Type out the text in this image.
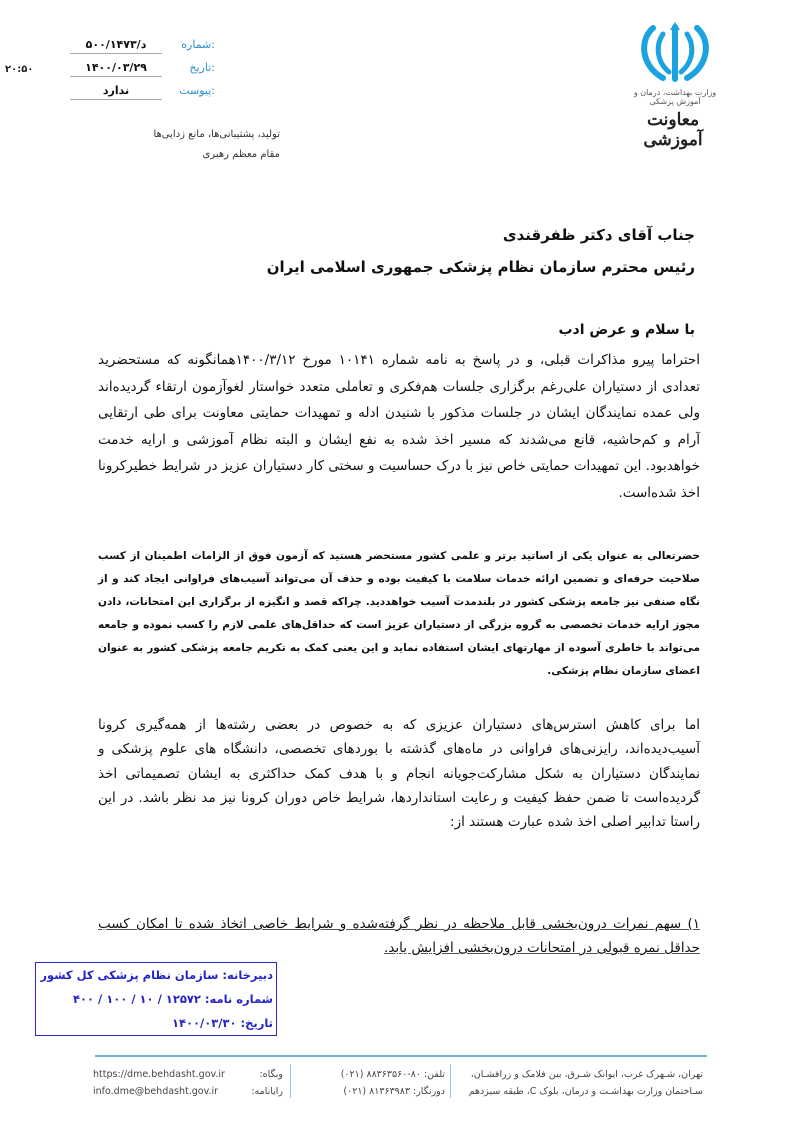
شماره:
د/۵۰۰/۱۴۷۳
تاریخ:
۱۴۰۰/۰۳/۲۹
پیوست:
ندارد
۲۰:۵۰
تولید، پشتیبانی‌ها، مانع زدایی‌ها
مقام معظم رهبری
وزارت بهداشت، درمان و آموزش پزشکی
معاونت آموزشی
جناب آقای دکتر ظفرقندی
رئیس محترم سازمان نظام پزشکی جمهوری اسلامی ایران
با سلام و عرض ادب
احتراما پیرو مذاکرات قبلی، و در پاسخ به نامه شماره ۱۰۱۴۱ مورخ ۱۴۰۰/۳/۱۲همانگونه که مستحضرید تعدادی از دستیاران علی‌رغم برگزاری جلسات هم‌فکری و تعاملی متعدد خواستار لغوآزمون ارتقاء گردیده‌اند ولی عمده نمایندگان ایشان در جلسات مذکور با شنیدن ادله و تمهیدات حمایتی معاونت برای طی ارتقایی آرام و کم‌حاشیه، قانع می‌شدند که مسیر اخذ شده به نفع ایشان و البته نظام آموزشی و ارایه خدمت خواهدبود. این تمهیدات حمایتی خاص نیز با درک حساسیت و سختی کار دستیاران عزیز در شرایط خطیرکرونا اخذ شده‌است.
حضرتعالی به عنوان یکی از اساتید برتر و علمی کشور مستحضر هستید که آزمون فوق از الزامات اطمینان از کسب صلاحیت حرفه‌ای و تضمین ارائه خدمات سلامت با کیفیت بوده و حذف آن می‌تواند آسیب‌های فراوانی ایجاد کند و از نگاه صنفی نیز جامعه پزشکی کشور در بلندمدت آسیب خواهددید. چراکه قصد و انگیزه از برگزاری این امتحانات، دادن مجوز ارایه خدمات تخصصی به گروه بزرگی از دستیاران عزیز است که حداقل‌های علمی لازم را کسب نموده و جامعه می‌تواند با خاطری آسوده از مهارتهای ایشان استفاده نماید و این یعنی کمک به تکریم جامعه پزشکی کشور به عنوان اعضای سازمان نظام پزشکی.
اما برای کاهش استرس‌های دستیاران عزیزی که به خصوص در بعضی رشته‌ها از همه‌گیری کرونا آسیب‌دیده‌اند، رایزنی‌های فراوانی در ماه‌های گذشته با بوردهای تخصصی، دانشگاه های علوم پزشکی و نمایندگان دستیاران به شکل مشارکت‌جویانه انجام و با هدف کمک حداکثری به ایشان تصمیماتی اخذ گردیده‌است تا ضمن حفظ کیفیت و رعایت استانداردها، شرایط خاص دوران کرونا نیز مد نظر باشد. در این راستا تدابیر اصلی اخذ شده عبارت هستند از:
۱) سهم نمرات درون‌بخشی قابل ملاحظه در نظر گرفته‌شده و شرایط خاصی اتخاذ شده تا امکان کسب حداقل نمره قبولی در امتحانات درون‌بخشی افزایش یابد.
دبیرخانه: سازمان نظام پزشکی کل کشور
شماره نامه: ۱۲۵۷۲ / ۱۰ / ۱۰۰ / ۴۰۰
تاریخ: ۱۴۰۰/۰۳/۳۰
تهران، شـهرک غرب، ایوانک شـرق، بین فلامک و زرافشـان،
سـاختمان وزارت بهداشـت و درمان، بلوک C، طبقه سیزدهم
تلفن: (۰۲۱) ۸۸۳۶۳۵۶۰-۸۰
دورنگار: (۰۲۱) ۸۱۳۶۳۹۸۳
https://dme.behdasht.gov.ir	وبگاه:
info.dme@behdasht.gov.ir	رایانامه:
